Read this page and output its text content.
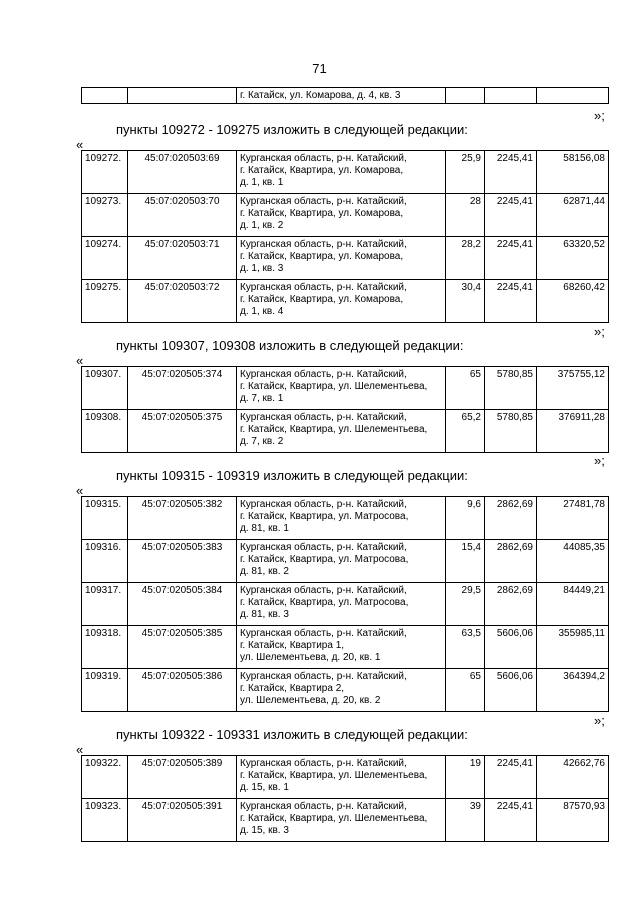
71
		г. Катайск, ул. Комарова, д. 4, кв. 3			
»;
пункты 109272 - 109275 изложить в следующей редакции:
«
109272.	45:07:020503:69	Курганская область, р-н. Катайский,
г. Катайск, Квартира, ул. Комарова,
д. 1, кв. 1	25,9	2245,41	58156,08
109273.	45:07:020503:70	Курганская область, р-н. Катайский,
г. Катайск, Квартира, ул. Комарова,
д. 1, кв. 2	28	2245,41	62871,44
109274.	45:07:020503:71	Курганская область, р-н. Катайский,
г. Катайск, Квартира, ул. Комарова,
д. 1, кв. 3	28,2	2245,41	63320,52
109275.	45:07:020503:72	Курганская область, р-н. Катайский,
г. Катайск, Квартира, ул. Комарова,
д. 1, кв. 4	30,4	2245,41	68260,42
»;
пункты 109307, 109308 изложить в следующей редакции:
«
109307.	45:07:020505:374	Курганская область, р-н. Катайский,
г. Катайск, Квартира, ул. Шелементьева,
д. 7, кв. 1	65	5780,85	375755,12
109308.	45:07:020505:375	Курганская область, р-н. Катайский,
г. Катайск, Квартира, ул. Шелементьева,
д. 7, кв. 2	65,2	5780,85	376911,28
»;
пункты 109315 - 109319 изложить в следующей редакции:
«
109315.	45:07:020505:382	Курганская область, р-н. Катайский,
г. Катайск, Квартира, ул. Матросова,
д. 81, кв. 1	9,6	2862,69	27481,78
109316.	45:07:020505:383	Курганская область, р-н. Катайский,
г. Катайск, Квартира, ул. Матросова,
д. 81, кв. 2	15,4	2862,69	44085,35
109317.	45:07:020505:384	Курганская область, р-н. Катайский,
г. Катайск, Квартира, ул. Матросова,
д. 81, кв. 3	29,5	2862,69	84449,21
109318.	45:07:020505:385	Курганская область, р-н. Катайский,
г. Катайск, Квартира 1,
ул. Шелементьева, д. 20, кв. 1	63,5	5606,06	355985,11
109319.	45:07:020505:386	Курганская область, р-н. Катайский,
г. Катайск, Квартира 2,
ул. Шелементьева, д. 20, кв. 2	65	5606,06	364394,2
»;
пункты 109322 - 109331 изложить в следующей редакции:
«
109322.	45:07:020505:389	Курганская область, р-н. Катайский,
г. Катайск, Квартира, ул. Шелементьева,
д. 15, кв. 1	19	2245,41	42662,76
109323.	45:07:020505:391	Курганская область, р-н. Катайский,
г. Катайск, Квартира, ул. Шелементьева,
д. 15, кв. 3	39	2245,41	87570,93
